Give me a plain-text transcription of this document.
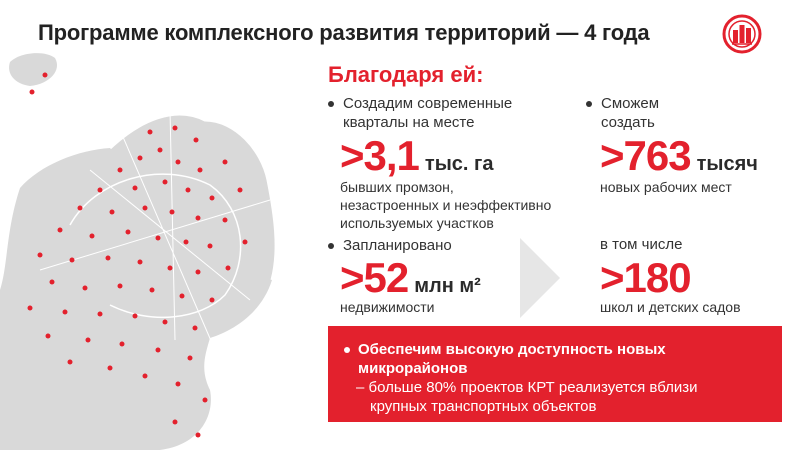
Программе комплексного развития территорий — 4 года
Благодаря ей:
Создадим современные
кварталы на месте
>3,1 тыс. га
бывших промзон,
незастроенных и неэффективно
используемых участков
Сможем
создать
>763 тысяч
новых рабочих мест
Запланировано
>52 млн м²
недвижимости
в том числе
>180
школ и детских садов
Обеспечим высокую доступность новых микрорайонов
– больше 80% проектов КРТ реализуется вблизи
крупных транспортных объектов
